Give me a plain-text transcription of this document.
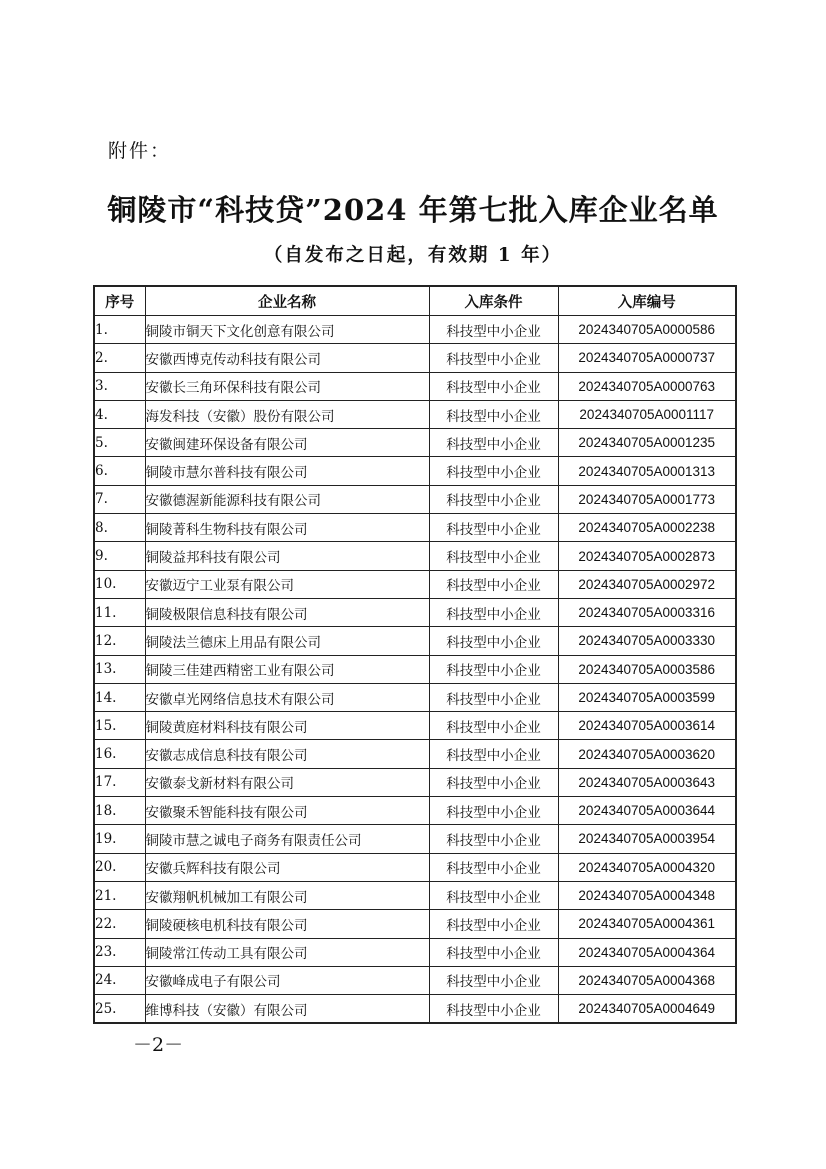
附件：
铜陵市“科技贷”2024 年第七批入库企业名单
（自发布之日起，有效期 1 年）
序号	企业名称	入库条件	入库编号
1.	铜陵市铜天下文化创意有限公司	科技型中小企业	2024340705A0000586
2.	安徽西博克传动科技有限公司	科技型中小企业	2024340705A0000737
3.	安徽长三角环保科技有限公司	科技型中小企业	2024340705A0000763
4.	海发科技（安徽）股份有限公司	科技型中小企业	2024340705A0001117
5.	安徽闽建环保设备有限公司	科技型中小企业	2024340705A0001235
6.	铜陵市慧尔普科技有限公司	科技型中小企业	2024340705A0001313
7.	安徽德渥新能源科技有限公司	科技型中小企业	2024340705A0001773
8.	铜陵菁科生物科技有限公司	科技型中小企业	2024340705A0002238
9.	铜陵益邦科技有限公司	科技型中小企业	2024340705A0002873
10.	安徽迈宁工业泵有限公司	科技型中小企业	2024340705A0002972
11.	铜陵极限信息科技有限公司	科技型中小企业	2024340705A0003316
12.	铜陵法兰德床上用品有限公司	科技型中小企业	2024340705A0003330
13.	铜陵三佳建西精密工业有限公司	科技型中小企业	2024340705A0003586
14.	安徽卓光网络信息技术有限公司	科技型中小企业	2024340705A0003599
15.	铜陵黄庭材料科技有限公司	科技型中小企业	2024340705A0003614
16.	安徽志成信息科技有限公司	科技型中小企业	2024340705A0003620
17.	安徽泰戈新材料有限公司	科技型中小企业	2024340705A0003643
18.	安徽聚禾智能科技有限公司	科技型中小企业	2024340705A0003644
19.	铜陵市慧之诚电子商务有限责任公司	科技型中小企业	2024340705A0003954
20.	安徽兵辉科技有限公司	科技型中小企业	2024340705A0004320
21.	安徽翔帆机械加工有限公司	科技型中小企业	2024340705A0004348
22.	铜陵硬核电机科技有限公司	科技型中小企业	2024340705A0004361
23.	铜陵常江传动工具有限公司	科技型中小企业	2024340705A0004364
24.	安徽峰成电子有限公司	科技型中小企业	2024340705A0004368
25.	维博科技（安徽）有限公司	科技型中小企业	2024340705A0004649
－2－
